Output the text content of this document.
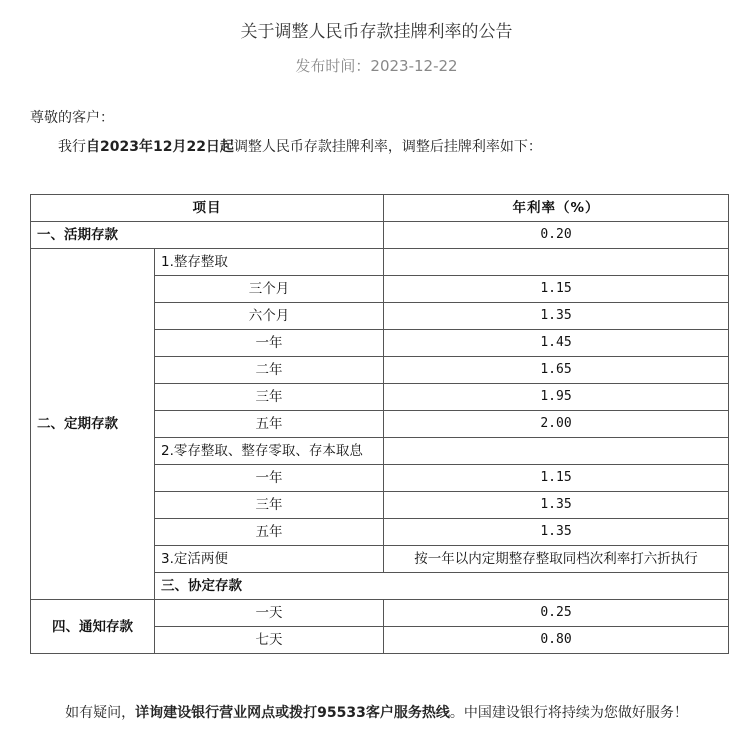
关于调整人民币存款挂牌利率的公告
发布时间：2023-12-22
尊敬的客户：
我行自2023年12月22日起调整人民币存款挂牌利率，调整后挂牌利率如下：
项目		年利率（%）	
一、活期存款		0.20	
二、定期存款	1.整存整取		
	三个月	1.15	
	六个月	1.35	
	一年	1.45	
	二年	1.65	
	三年	1.95	
	五年	2.00	
	2.零存整取、整存零取、存本取息		
	一年	1.15	
	三年	1.35	
	五年	1.35	
	3.定活两便	按一年以内定期整存整取同档次利率打六折执行	
	三、协定存款	
四、通知存款	一天	0.25	
	七天	0.80	
如有疑问，详询建设银行营业网点或拨打95533客户服务热线。中国建设银行将持续为您做好服务！
